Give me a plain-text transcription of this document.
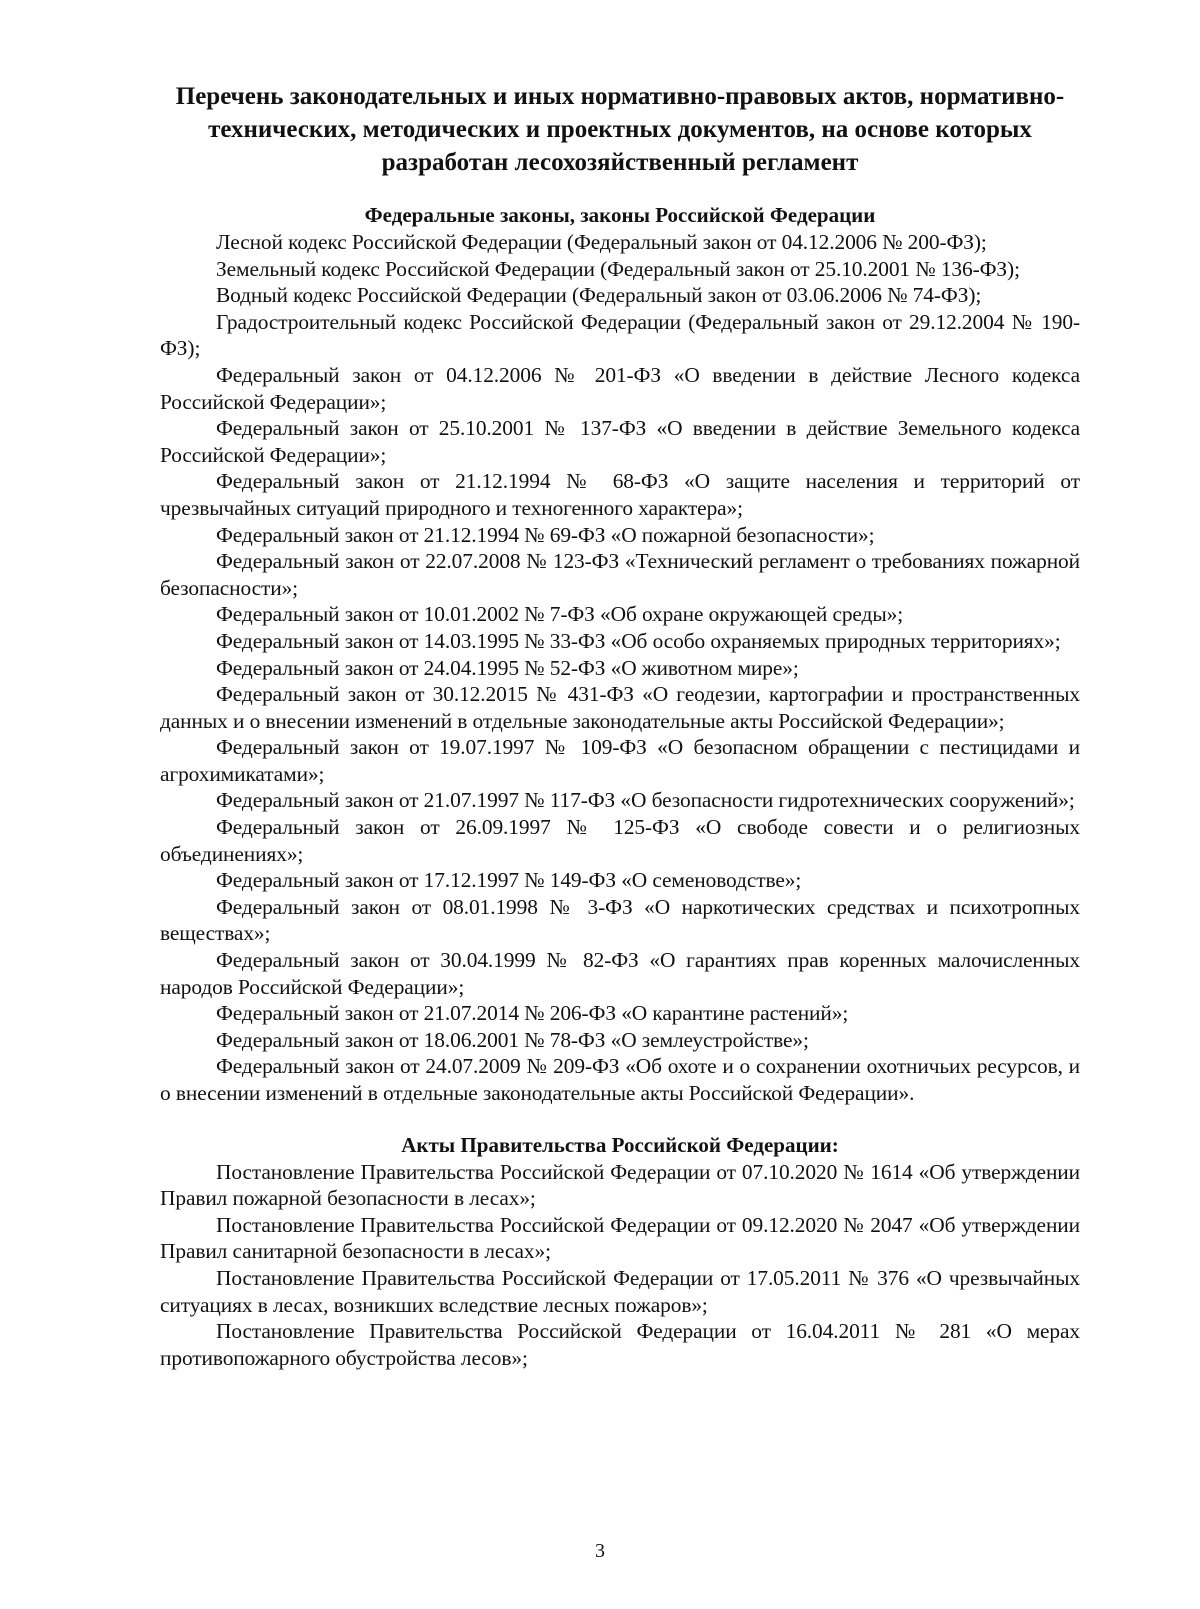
Перечень законодательных и иных нормативно-правовых актов, нормативно-технических, методических и проектных документов, на основе которых разработан лесохозяйственный регламент

Федеральные законы, законы Российской Федерации

Лесной кодекс Российской Федерации (Федеральный закон от 04.12.2006 № 200-ФЗ);

Земельный кодекс Российской Федерации (Федеральный закон от 25.10.2001 № 136-ФЗ);

Водный кодекс Российской Федерации (Федеральный закон от 03.06.2006 № 74-ФЗ);

Градостроительный кодекс Российской Федерации (Федеральный закон от 29.12.2004 № 190-ФЗ);

Федеральный закон от 04.12.2006 № 201-ФЗ «О введении в действие Лесного кодекса Российской Федерации»;

Федеральный закон от 25.10.2001 № 137-ФЗ «О введении в действие Земельного кодекса Российской Федерации»;

Федеральный закон от 21.12.1994 № 68-ФЗ «О защите населения и территорий от чрезвычайных ситуаций природного и техногенного характера»;

Федеральный закон от 21.12.1994 № 69-ФЗ «О пожарной безопасности»;

Федеральный закон от 22.07.2008 № 123-ФЗ «Технический регламент о требованиях пожарной безопасности»;

Федеральный закон от 10.01.2002 № 7-ФЗ «Об охране окружающей среды»;

Федеральный закон от 14.03.1995 № 33-ФЗ «Об особо охраняемых природных территориях»;

Федеральный закон от 24.04.1995 № 52-ФЗ «О животном мире»;

Федеральный закон от 30.12.2015 № 431-ФЗ «О геодезии, картографии и пространственных данных и о внесении изменений в отдельные законодательные акты Российской Федерации»;

Федеральный закон от 19.07.1997 № 109-ФЗ «О безопасном обращении с пестицидами и агрохимикатами»;

Федеральный закон от 21.07.1997 № 117-ФЗ «О безопасности гидротехнических сооружений»;

Федеральный закон от 26.09.1997 № 125-ФЗ «О свободе совести и о религиозных объединениях»;

Федеральный закон от 17.12.1997 № 149-ФЗ «О семеноводстве»;

Федеральный закон от 08.01.1998 № 3-ФЗ «О наркотических средствах и психотропных веществах»;

Федеральный закон от 30.04.1999 № 82-ФЗ «О гарантиях прав коренных малочисленных народов Российской Федерации»;

Федеральный закон от 21.07.2014 № 206-ФЗ «О карантине растений»;

Федеральный закон от 18.06.2001 № 78-ФЗ «О землеустройстве»;

Федеральный закон от 24.07.2009 № 209-ФЗ «Об охоте и о сохранении охотничьих ресурсов, и о внесении изменений в отдельные законодательные акты Российской Федерации».

Акты Правительства Российской Федерации:

Постановление Правительства Российской Федерации от 07.10.2020 № 1614 «Об утверждении Правил пожарной безопасности в лесах»;

Постановление Правительства Российской Федерации от 09.12.2020 № 2047 «Об утверждении Правил санитарной безопасности в лесах»;

Постановление Правительства Российской Федерации от 17.05.2011 № 376 «О чрезвычайных ситуациях в лесах, возникших вследствие лесных пожаров»;

Постановление Правительства Российской Федерации от 16.04.2011 № 281 «О мерах противопожарного обустройства лесов»;

3
